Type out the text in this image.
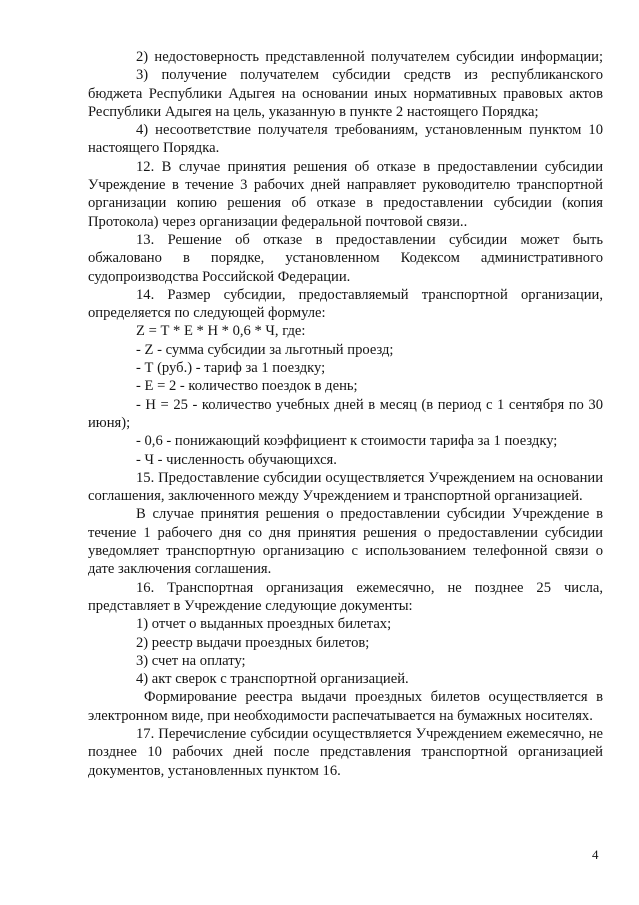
2) недостоверность представленной получателем субсидии информации;

3) получение получателем субсидии средств из республиканского бюджета Республики Адыгея на основании иных нормативных правовых актов Республики Адыгея на цель, указанную в пункте 2 настоящего Порядка;

4) несоответствие получателя требованиям, установленным пунктом 10 настоящего Порядка.

12. В случае принятия решения об отказе в предоставлении субсидии Учреждение в течение 3 рабочих дней направляет руководителю транспортной организации копию решения об отказе в предоставлении субсидии (копия Протокола) через организации федеральной почтовой связи..

13. Решение об отказе в предоставлении субсидии может быть обжаловано в порядке, установленном Кодексом административного судопроизводства Российской Федерации.

14. Размер субсидии, предоставляемый транспортной организации, определяется по следующей формуле:

Z = Т * Е * Н * 0,6 * Ч, где:

- Z - сумма субсидии за льготный проезд;

- Т (руб.) - тариф за 1 поездку;

- Е = 2 - количество поездок в день;

- Н = 25 - количество учебных дней в месяц (в период с 1 сентября по 30 июня);

- 0,6 - понижающий коэффициент к стоимости тарифа за 1 поездку;

- Ч - численность обучающихся.

15. Предоставление субсидии осуществляется Учреждением на основании соглашения, заключенного между Учреждением и транспортной организацией.

В случае принятия решения о предоставлении субсидии Учреждение в течение 1 рабочего дня со дня принятия решения о предоставлении субсидии уведомляет транспортную организацию с использованием телефонной связи о дате заключения соглашения.

16. Транспортная организация ежемесячно, не позднее 25 числа, представляет в Учреждение следующие документы:

1) отчет о выданных проездных билетах;

2) реестр выдачи проездных билетов;

3) счет на оплату;

4) акт сверок с транспортной организацией.

Формирование реестра выдачи проездных билетов осуществляется в электронном виде, при необходимости распечатывается на бумажных носителях.

17. Перечисление субсидии осуществляется Учреждением ежемесячно, не позднее 10 рабочих дней после представления транспортной организацией документов, установленных пунктом 16.

4
